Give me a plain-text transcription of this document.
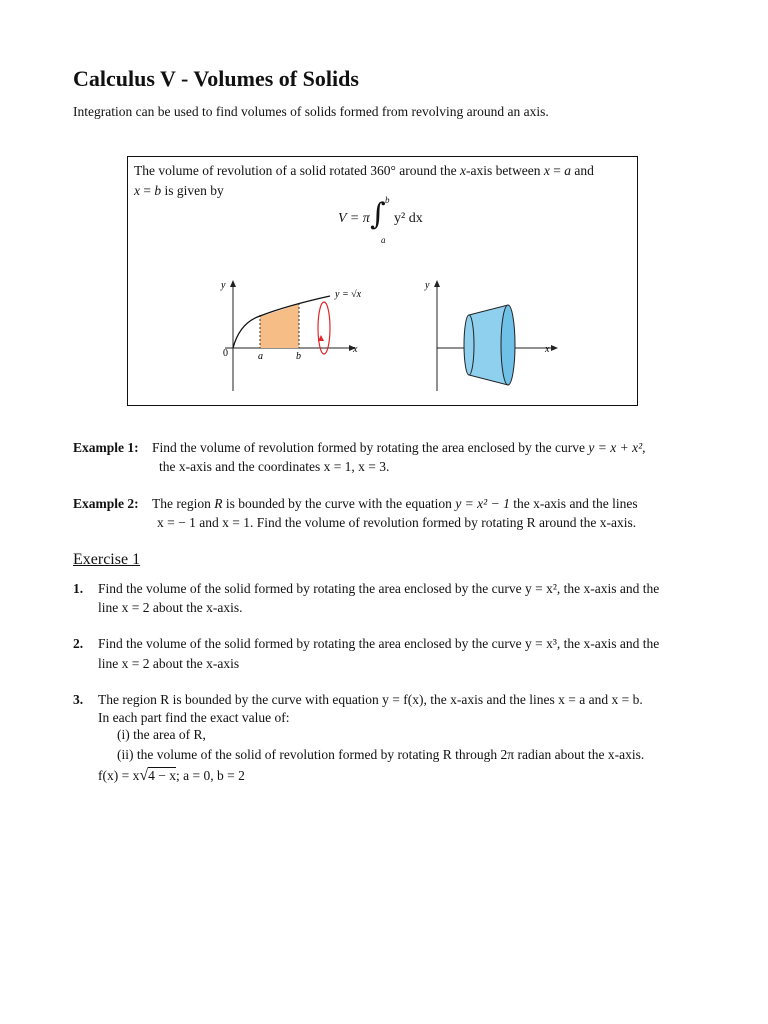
Calculus V - Volumes of Solids
Integration can be used to find volumes of solids formed from revolving around an axis.
The volume of revolution of a solid rotated 360° around the x-axis between x = a and
x = b is given by
V = π ∫ b
a
y² dx
y
x
0	a	b
y = √x
y
x
Example 1: Find the volume of revolution formed by rotating the area enclosed by the curve y = x + x²,
the x-axis and the coordinates x = 1, x = 3.
Example 2: The region R is bounded by the curve with the equation y = x² − 1 the x-axis and the lines
x = − 1 and x = 1. Find the volume of revolution formed by rotating R around the x-axis.
Exercise 1
1. Find the volume of the solid formed by rotating the area enclosed by the curve y = x², the x-axis and the
line x = 2 about the x-axis.
2. Find the volume of the solid formed by rotating the area enclosed by the curve y = x³, the x-axis and the
line x = 2 about the x-axis
3. The region R is bounded by the curve with equation y = f(x), the x-axis and the lines x = a and x = b.
In each part find the exact value of:
(i) the area of R,
(ii) the volume of the solid of revolution formed by rotating R through 2π radian about the x-axis.
f(x) = x√4 − x; a = 0, b = 2
